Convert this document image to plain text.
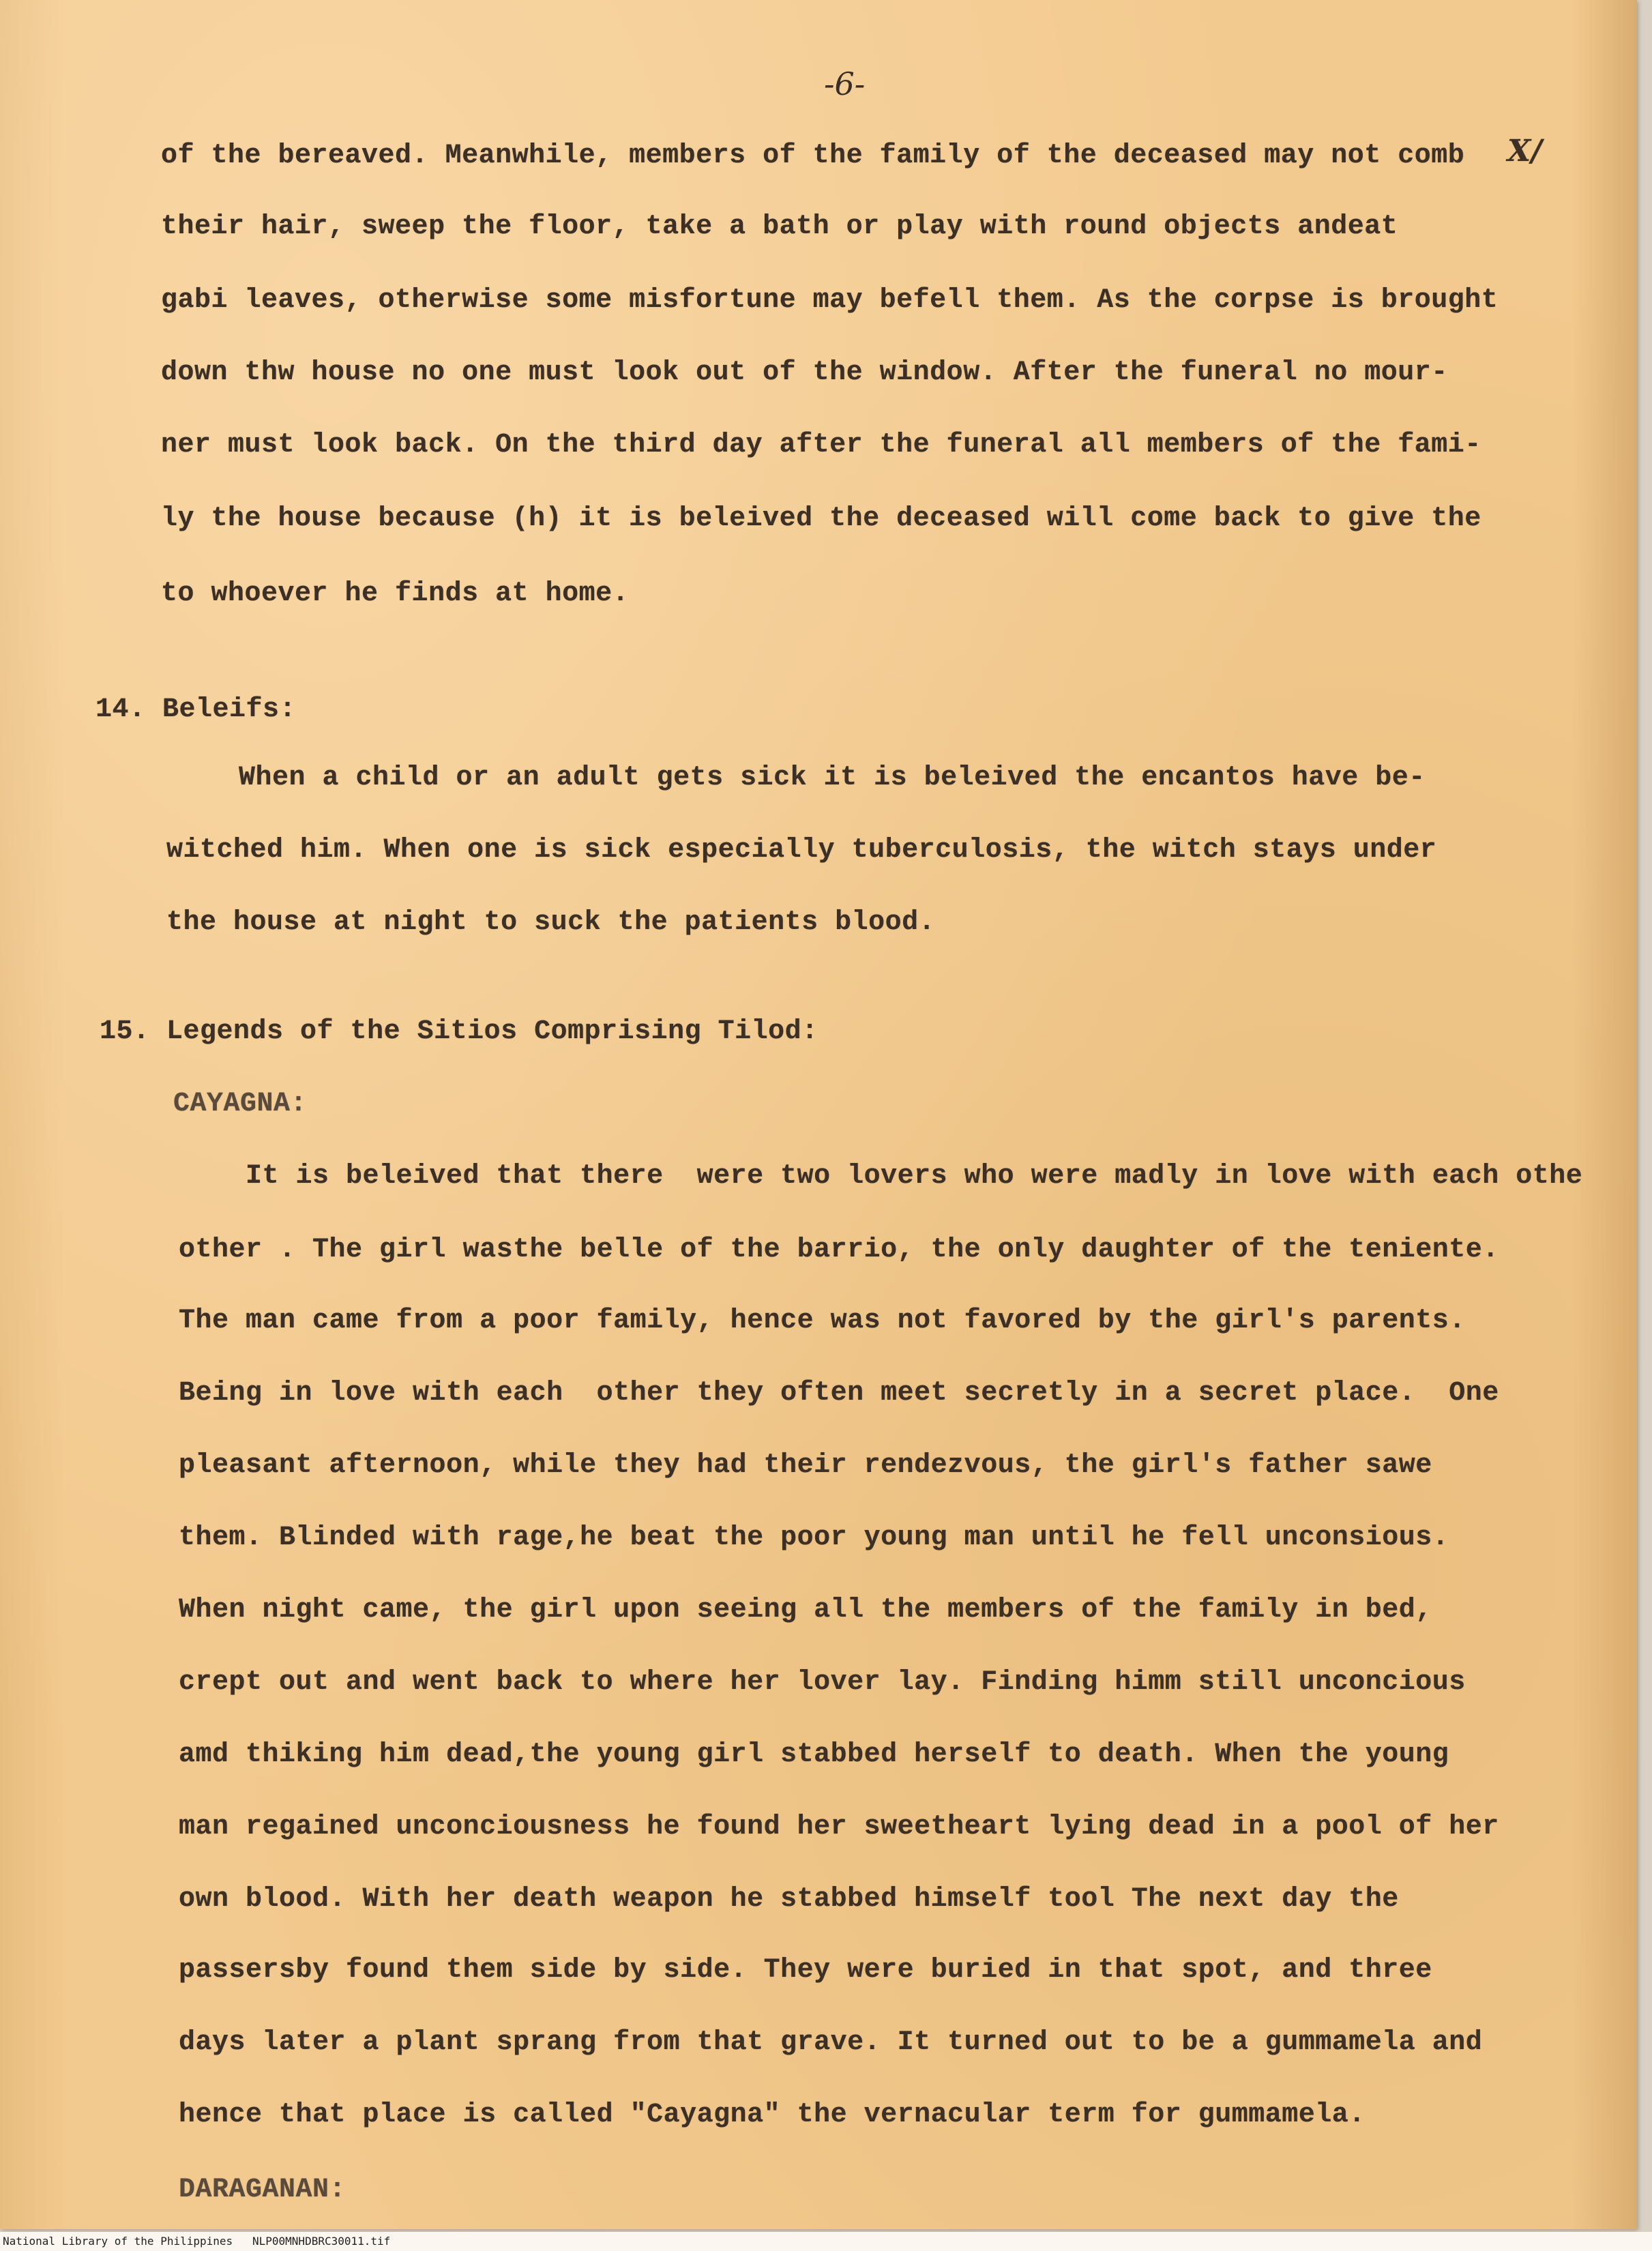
-6-

of the bereaved. Meanwhile, members of the family of the deceased may not comb X/

their hair, sweep the floor, take a bath or play with round objects andeat

gabi leaves, otherwise some misfortune may befell them. As the corpse is brought

down thw house no one must look out of the window. After the funeral no mour-

ner must look back. On the third day after the funeral all members of the fami-

ly the house because (h) it is beleived the deceased will come back to give the

to whoever he finds at home.

14. Beleifs:

When a child or an adult gets sick it is beleived the encantos have be-

witched him. When one is sick especially tuberculosis, the witch stays under

the house at night to suck the patients blood.

15. Legends of the Sitios Comprising Tilod:

CAYAGNA:

It is beleived that there  were two lovers who were madly in love with each othe

other . The girl wasthe belle of the barrio, the only daughter of the teniente.

The man came from a poor family, hence was not favored by the girl's parents.

Being in love with each  other they often meet secretly in a secret place.  One

pleasant afternoon, while they had their rendezvous, the girl's father sawe

them. Blinded with rage,he beat the poor young man until he fell unconsious.

When night came, the girl upon seeing all the members of the family in bed,

crept out and went back to where her lover lay. Finding himm still unconcious

amd thiking him dead,the young girl stabbed herself to death. When the young

man regained unconciousness he found her sweetheart lying dead in a pool of her

own blood. With her death weapon he stabbed himself tool The next day the

passersby found them side by side. They were buried in that spot, and three

days later a plant sprang from that grave. It turned out to be a gummamela and

hence that place is called "Cayagna" the vernacular term for gummamela.

DARAGANAN:

National Library of the Philippines NLP00MNHDBRC30011.tif
